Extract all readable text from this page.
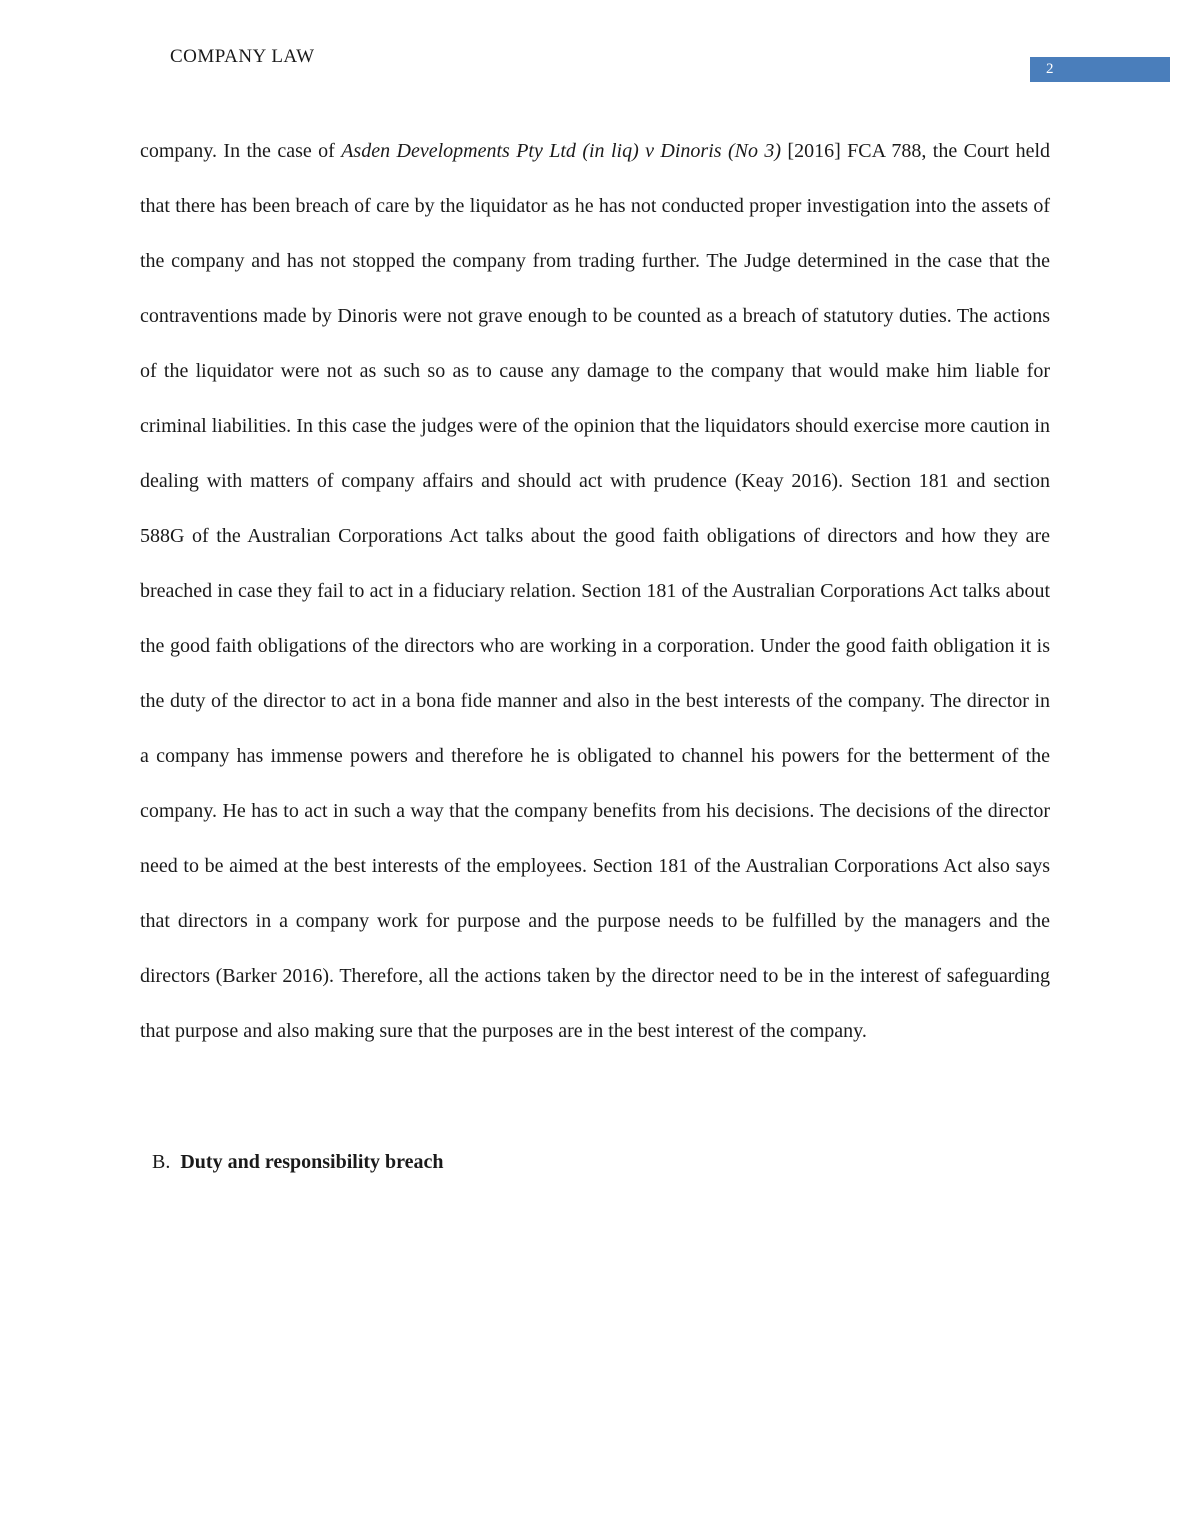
COMPANY LAW
2
company. In the case of Asden Developments Pty Ltd (in liq) v Dinoris (No 3) [2016] FCA 788, the Court held that there has been breach of care by the liquidator as he has not conducted proper investigation into the assets of the company and has not stopped the company from trading further. The Judge determined in the case that the contraventions made by Dinoris were not grave enough to be counted as a breach of statutory duties. The actions of the liquidator were not as such so as to cause any damage to the company that would make him liable for criminal liabilities. In this case the judges were of the opinion that the liquidators should exercise more caution in dealing with matters of company affairs and should act with prudence (Keay 2016). Section 181 and section 588G of the Australian Corporations Act talks about the good faith obligations of directors and how they are breached in case they fail to act in a fiduciary relation. Section 181 of the Australian Corporations Act talks about the good faith obligations of the directors who are working in a corporation. Under the good faith obligation it is the duty of the director to act in a bona fide manner and also in the best interests of the company. The director in a company has immense powers and therefore he is obligated to channel his powers for the betterment of the company. He has to act in such a way that the company benefits from his decisions. The decisions of the director need to be aimed at the best interests of the employees. Section 181 of the Australian Corporations Act also says that directors in a company work for purpose and the purpose needs to be fulfilled by the managers and the directors (Barker 2016). Therefore, all the actions taken by the director need to be in the interest of safeguarding that purpose and also making sure that the purposes are in the best interest of the company.
B. Duty and responsibility breach
